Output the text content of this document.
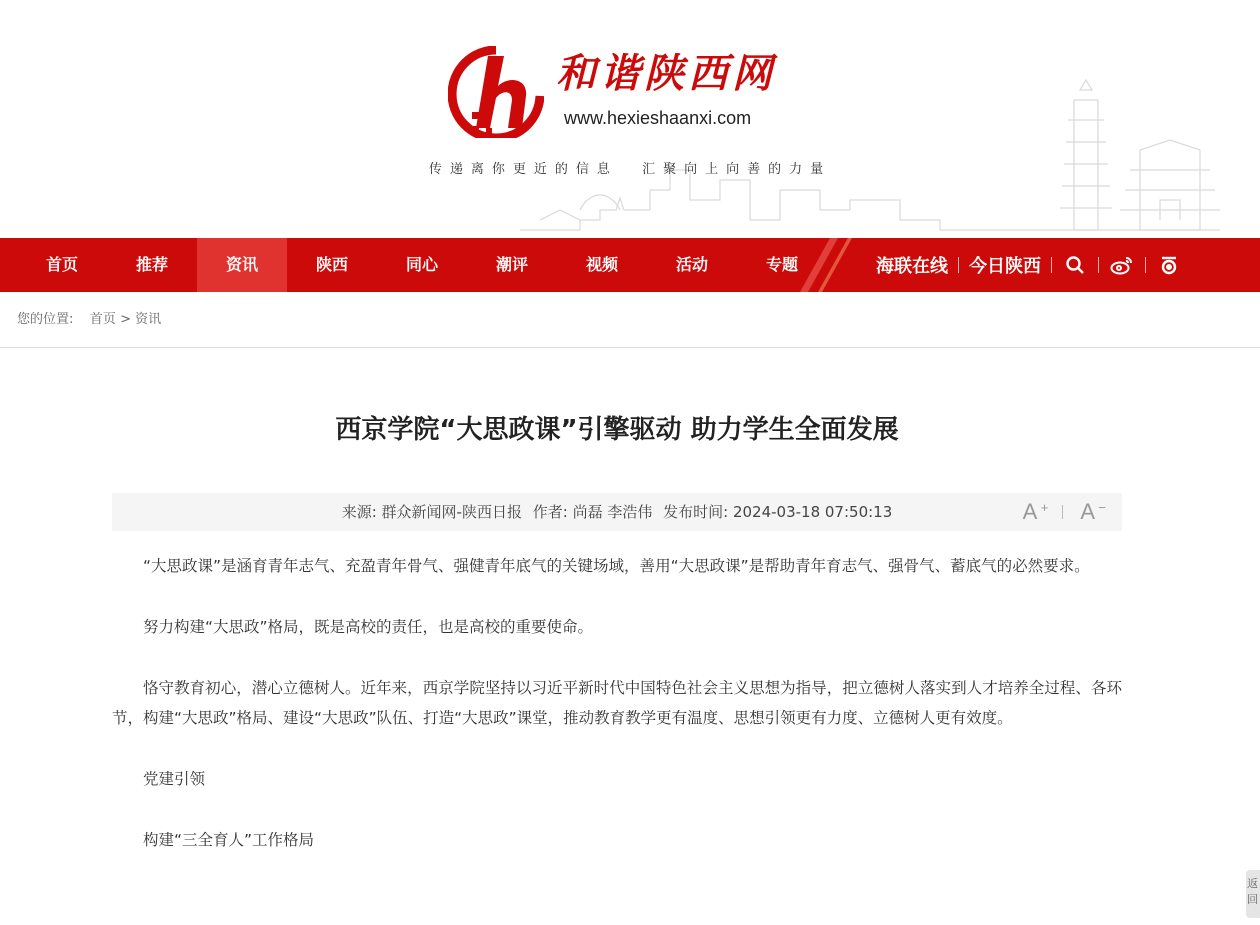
和谐陕西网
www.hexieshaanxi.com
传递离你更近的信息  汇聚向上向善的力量
首页	推荐	资讯	陕西	同心	潮评	视频	活动	专题	海联在线 今日陕西
您的位置: 首页 > 资讯
西京学院“大思政课”引擎驱动 助力学生全面发展
来源: 群众新闻网-陕西日报 作者: 尚磊 李浩伟 发布时间: 2024-03-18 07:50:13	A + A −

“大思政课”是涵育青年志气、充盈青年骨气、强健青年底气的关键场域，善用“大思政课”是帮助青年育志气、强骨气、蓄底气的必然要求。

努力构建“大思政”格局，既是高校的责任，也是高校的重要使命。

恪守教育初心，潜心立德树人。近年来，西京学院坚持以习近平新时代中国特色社会主义思想为指导，把立德树人落实到人才培养全过程、各环节，构建“大思政”格局、建设“大思政”队伍、打造“大思政”课堂，推动教育教学更有温度、思想引领更有力度、立德树人更有效度。

党建引领

构建“三全育人”工作格局

返回
